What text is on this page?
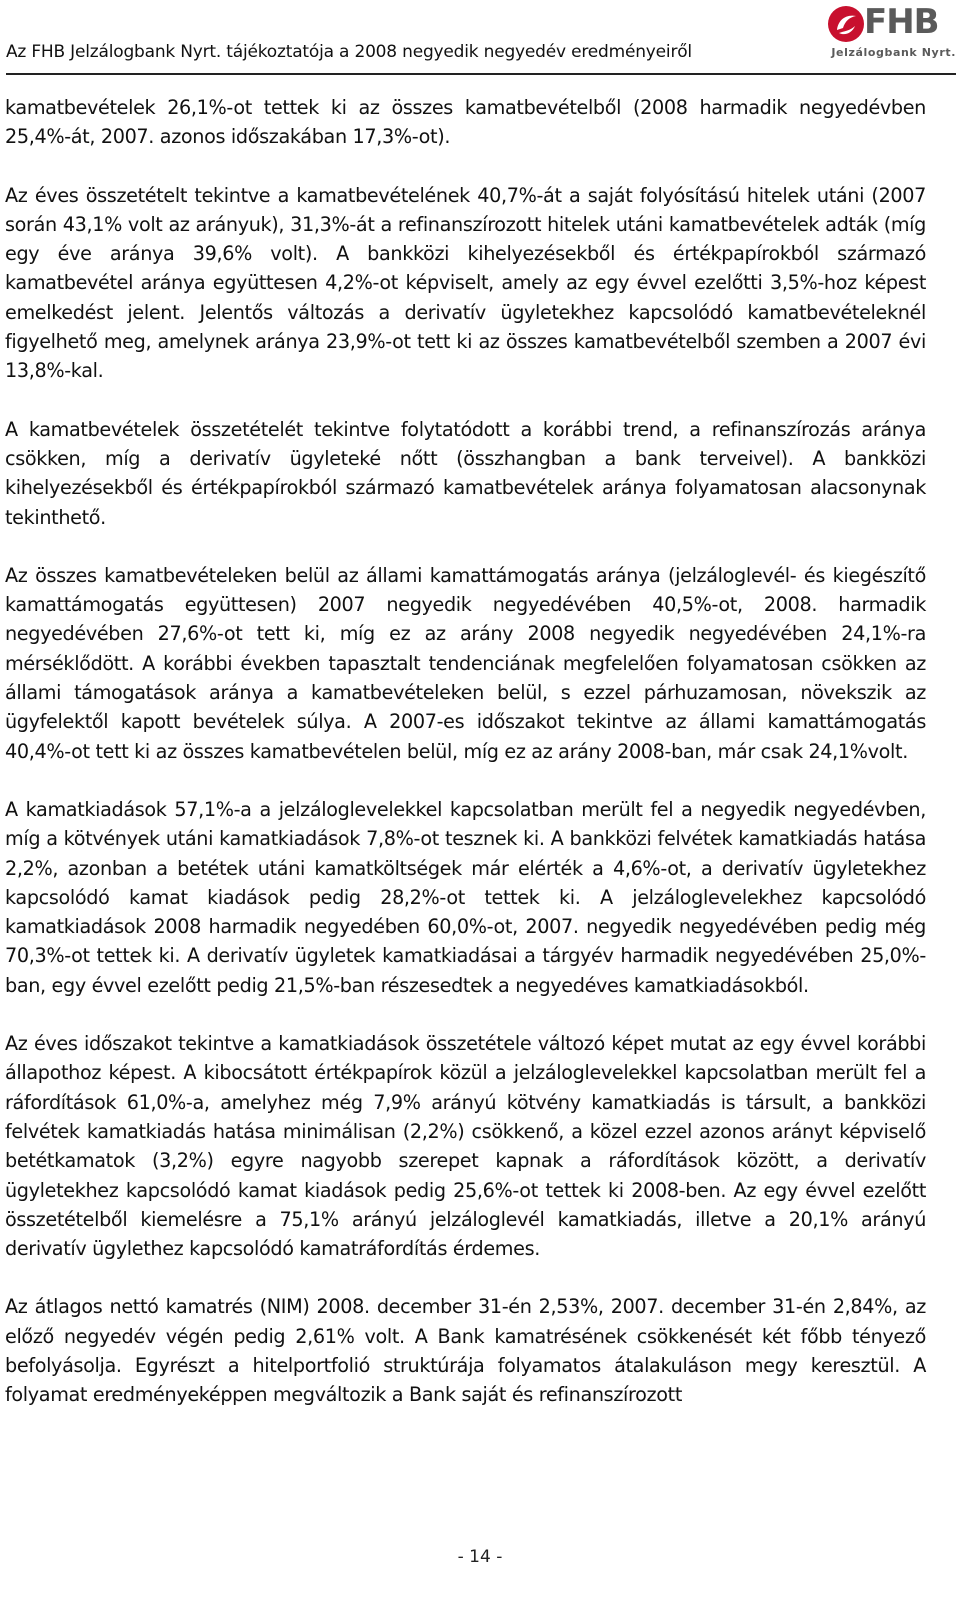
Az FHB Jelzálogbank Nyrt. tájékoztatója a 2008 negyedik negyedév eredményeiről
FHB
Jelzálogbank Nyrt.

kamatbevételek 26,1%-ot tettek ki az összes kamatbevételből (2008 harmadik negyedévben 25,4%-át, 2007. azonos időszakában 17,3%-ot).

Az éves összetételt tekintve a kamatbevételének 40,7%-át a saját folyósítású hitelek utáni (2007 során 43,1% volt az arányuk), 31,3%-át a refinanszírozott hitelek utáni kamatbevételek adták (míg egy éve aránya 39,6% volt). A bankközi kihelyezésekből és értékpapírokból származó kamatbevétel aránya együttesen 4,2%-ot képviselt, amely az egy évvel ezelőtti 3,5%-hoz képest emelkedést jelent. Jelentős változás a derivatív ügyletekhez kapcsolódó kamatbevételeknél figyelhető meg, amelynek aránya 23,9%-ot tett ki az összes kamatbevételből szemben a 2007 évi 13,8%-kal.

A kamatbevételek összetételét tekintve folytatódott a korábbi trend, a refinanszírozás aránya csökken, míg a derivatív ügyleteké nőtt (összhangban a bank terveivel). A bankközi kihelyezésekből és értékpapírokból származó kamatbevételek aránya folyamatosan alacsonynak tekinthető.

Az összes kamatbevételeken belül az állami kamattámogatás aránya (jelzáloglevél- és kiegészítő kamattámogatás együttesen) 2007 negyedik negyedévében 40,5%-ot, 2008. harmadik negyedévében 27,6%-ot tett ki, míg ez az arány 2008 negyedik negyedévében 24,1%-ra mérséklődött. A korábbi években tapasztalt tendenciának megfelelően folyamatosan csökken az állami támogatások aránya a kamatbevételeken belül, s ezzel párhuzamosan, növekszik az ügyfelektől kapott bevételek súlya. A 2007-es időszakot tekintve az állami kamattámogatás 40,4%-ot tett ki az összes kamatbevételen belül, míg ez az arány 2008-ban, már csak 24,1%volt.

A kamatkiadások 57,1%-a a jelzáloglevelekkel kapcsolatban merült fel a negyedik negyedévben, míg a kötvények utáni kamatkiadások 7,8%-ot tesznek ki. A bankközi felvétek kamatkiadás hatása 2,2%, azonban a betétek utáni kamatköltségek már elérték a 4,6%-ot, a derivatív ügyletekhez kapcsolódó kamat kiadások pedig 28,2%-ot tettek ki. A jelzáloglevelekhez kapcsolódó kamatkiadások 2008 harmadik negyedében 60,0%-ot, 2007. negyedik negyedévében pedig még 70,3%-ot tettek ki. A derivatív ügyletek kamatkiadásai a tárgyév harmadik negyedévében 25,0%-ban, egy évvel ezelőtt pedig 21,5%-ban részesedtek a negyedéves kamatkiadásokból.

Az éves időszakot tekintve a kamatkiadások összetétele változó képet mutat az egy évvel korábbi állapothoz képest. A kibocsátott értékpapírok közül a jelzáloglevelekkel kapcsolatban merült fel a ráfordítások 61,0%-a, amelyhez még 7,9% arányú kötvény kamatkiadás is társult, a bankközi felvétek kamatkiadás hatása minimálisan (2,2%) csökkenő, a közel ezzel azonos arányt képviselő betétkamatok (3,2%) egyre nagyobb szerepet kapnak a ráfordítások között, a derivatív ügyletekhez kapcsolódó kamat kiadások pedig 25,6%-ot tettek ki 2008-ben. Az egy évvel ezelőtt összetételből kiemelésre a 75,1% arányú jelzáloglevél kamatkiadás, illetve a 20,1% arányú derivatív ügylethez kapcsolódó kamatráfordítás érdemes.

Az átlagos nettó kamatrés (NIM) 2008. december 31-én 2,53%, 2007. december 31-én 2,84%, az előző negyedév végén pedig 2,61% volt. A Bank kamatrésének csökkenését két főbb tényező befolyásolja. Egyrészt a hitelportfolió struktúrája folyamatos átalakuláson megy keresztül. A folyamat eredményeképpen megváltozik a Bank saját és refinanszírozott

- 14 -
